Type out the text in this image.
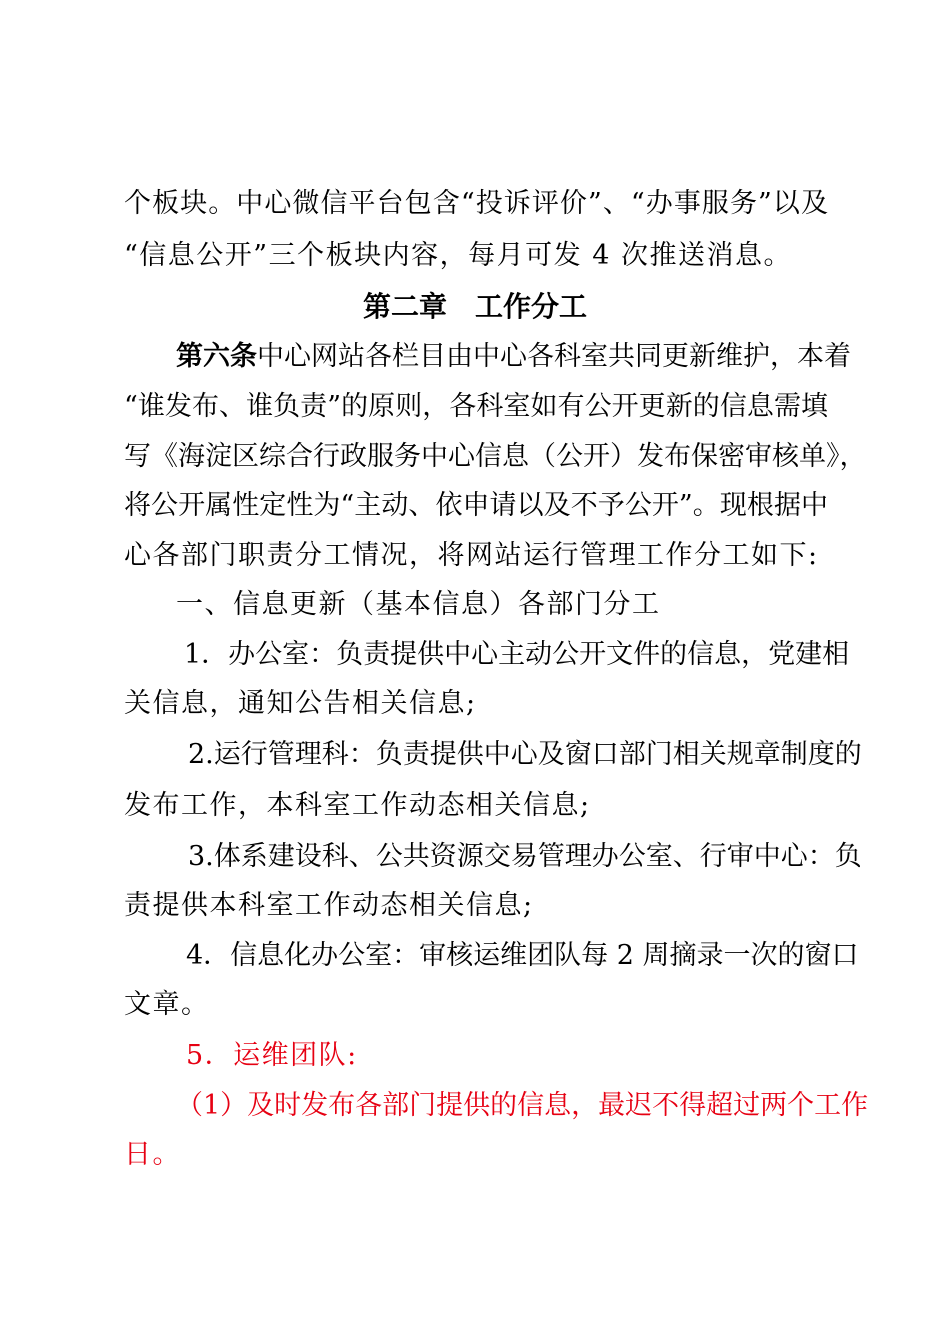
个板块。中心微信平台包含“投诉评价”、“办事服务”以及
“信息公开”三个板块内容，每月可发 4 次推送消息。
第二章　工作分工
第六条中心网站各栏目由中心各科室共同更新维护，本着
“谁发布、谁负责”的原则，各科室如有公开更新的信息需填
写《海淀区综合行政服务中心信息（公开）发布保密审核单》，
将公开属性定性为“主动、依申请以及不予公开”。现根据中
心各部门职责分工情况，将网站运行管理工作分工如下:
一、信息更新（基本信息）各部门分工
1．办公室：负责提供中心主动公开文件的信息，党建相
关信息，通知公告相关信息;
2.运行管理科：负责提供中心及窗口部门相关规章制度的
发布工作，本科室工作动态相关信息;
3.体系建设科、公共资源交易管理办公室、行审中心：负
责提供本科室工作动态相关信息;
4．信息化办公室：审核运维团队每 2 周摘录一次的窗口
文章。
5．运维团队:
（1）及时发布各部门提供的信息，最迟不得超过两个工作
日。
